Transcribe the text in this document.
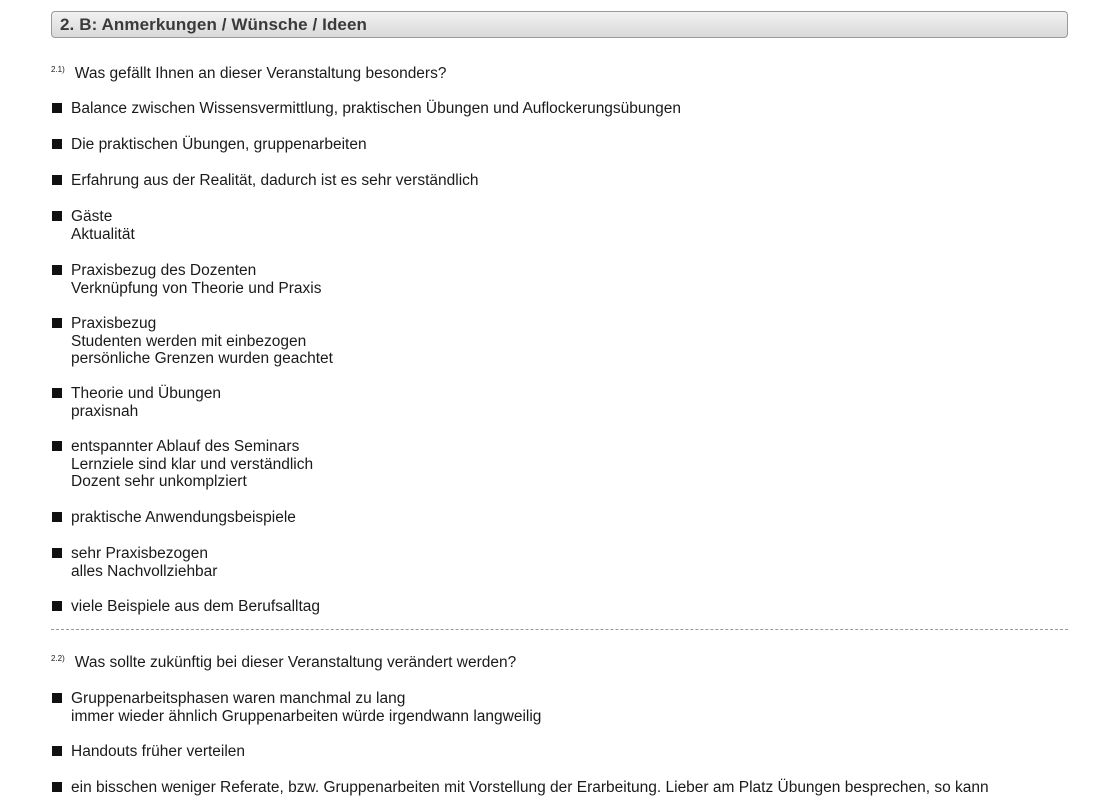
2. B: Anmerkungen / Wünsche / Ideen
$^{2.1)}$ Was gefällt Ihnen an dieser Veranstaltung besonders?
Balance zwischen Wissensvermittlung, praktischen Übungen und Auflockerungsübungen
Die praktischen Übungen, gruppenarbeiten
Erfahrung aus der Realität, dadurch ist es sehr verständlich
Gäste
Aktualität
Praxisbezug des Dozenten
Verknüpfung von Theorie und Praxis
Praxisbezug
Studenten werden mit einbezogen
persönliche Grenzen wurden geachtet
Theorie und Übungen
praxisnah
entspannter Ablauf des Seminars
Lernziele sind klar und verständlich
Dozent sehr unkomplziert
praktische Anwendungsbeispiele
sehr Praxisbezogen
alles Nachvollziehbar
viele Beispiele aus dem Berufsalltag
$^{2.2)}$ Was sollte zukünftig bei dieser Veranstaltung verändert werden?
Gruppenarbeitsphasen waren manchmal zu lang
immer wieder ähnlich Gruppenarbeiten würde irgendwann langweilig
Handouts früher verteilen
ein bisschen weniger Referate, bzw. Gruppenarbeiten mit Vorstellung der Erarbeitung. Lieber am Platz Übungen besprechen, so kann
